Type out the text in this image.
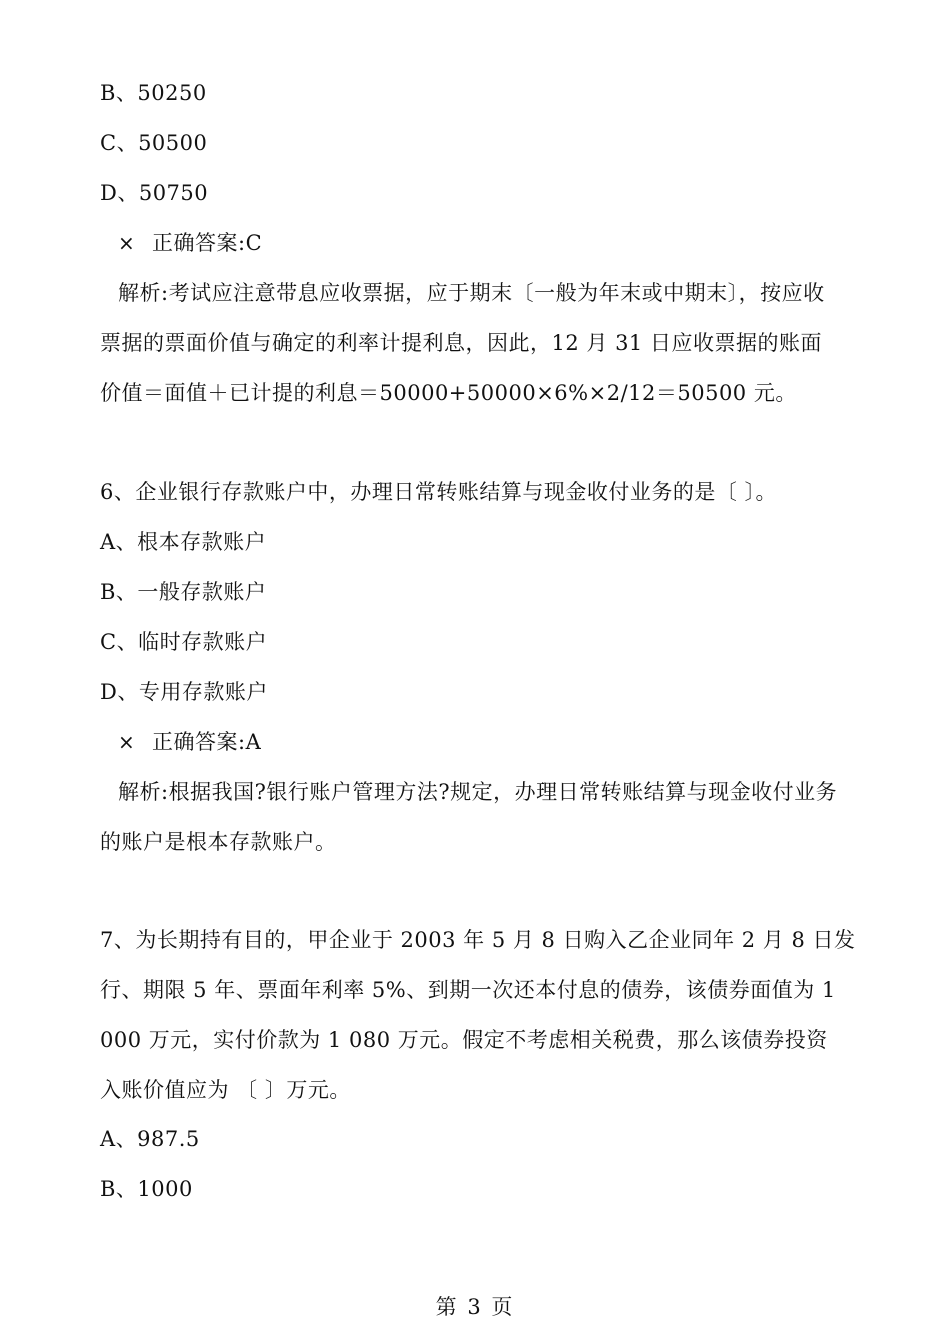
B、50250
C、50500
D、50750
× 正确答案:C
解析:考试应注意带息应收票据，应于期末〔一般为年末或中期末〕，按应收
票据的票面价值与确定的利率计提利息，因此，12 月 31 日应收票据的账面
价值＝面值＋已计提的利息＝50000+50000×6%×2/12＝50500 元。
6、企业银行存款账户中，办理日常转账结算与现金收付业务的是〔 〕。
A、根本存款账户
B、一般存款账户
C、临时存款账户
D、专用存款账户
× 正确答案:A
解析:根据我国?银行账户管理方法?规定，办理日常转账结算与现金收付业务
的账户是根本存款账户。
7、为长期持有目的，甲企业于 2003 年 5 月 8 日购入乙企业同年 2 月 8 日发
行、期限 5 年、票面年利率 5%、到期一次还本付息的债券，该债券面值为 1
000 万元，实付价款为 1 080 万元。假定不考虑相关税费，那么该债券投资
入账价值应为 〔 〕万元。
A、987.5
B、1000
第 3 页
